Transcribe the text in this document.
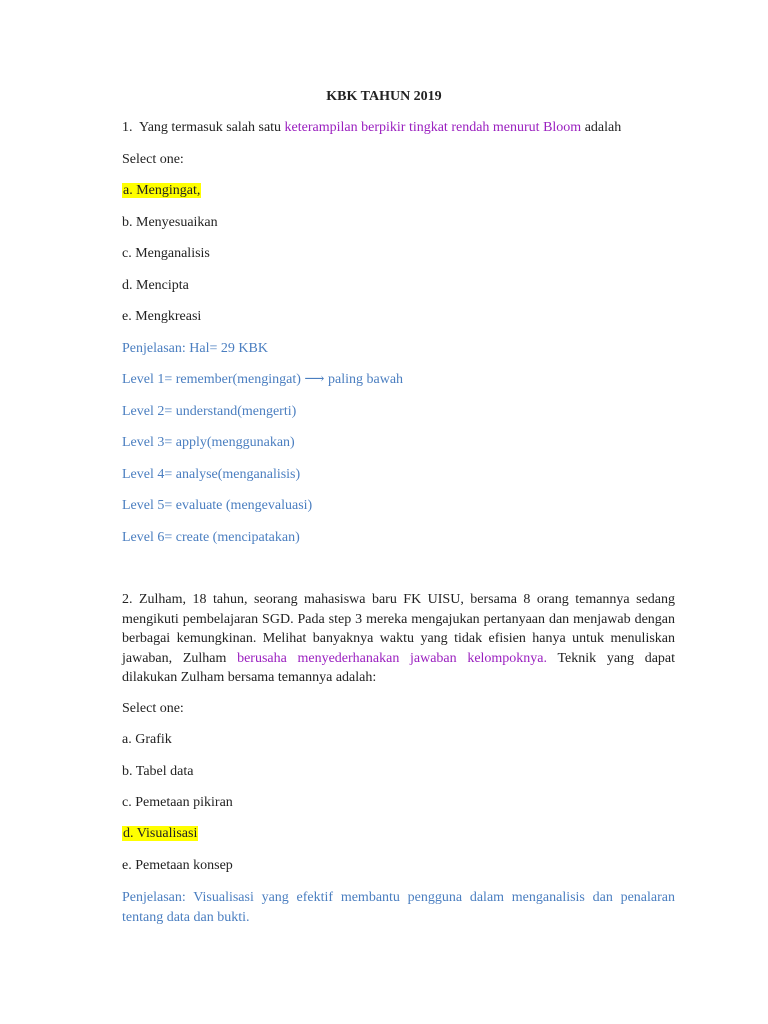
KBK TAHUN 2019
1. Yang termasuk salah satu keterampilan berpikir tingkat rendah menurut Bloom adalah
Select one:
a. Mengingat,
b. Menyesuaikan
c. Menganalisis
d. Mencipta
e. Mengkreasi
Penjelasan: Hal= 29 KBK
Level 1= remember(mengingat) ⟶ paling bawah
Level 2= understand(mengerti)
Level 3= apply(menggunakan)
Level 4= analyse(menganalisis)
Level 5= evaluate (mengevaluasi)
Level 6= create (mencipatakan)
2. Zulham, 18 tahun, seorang mahasiswa baru FK UISU, bersama 8 orang temannya sedang mengikuti pembelajaran SGD. Pada step 3 mereka mengajukan pertanyaan dan menjawab dengan berbagai kemungkinan. Melihat banyaknya waktu yang tidak efisien hanya untuk menuliskan jawaban, Zulham berusaha menyederhanakan jawaban kelompoknya. Teknik yang dapat dilakukan Zulham bersama temannya adalah:
Select one:
a. Grafik
b. Tabel data
c. Pemetaan pikiran
d. Visualisasi
e. Pemetaan konsep
Penjelasan: Visualisasi yang efektif membantu pengguna dalam menganalisis dan penalaran tentang data dan bukti.
